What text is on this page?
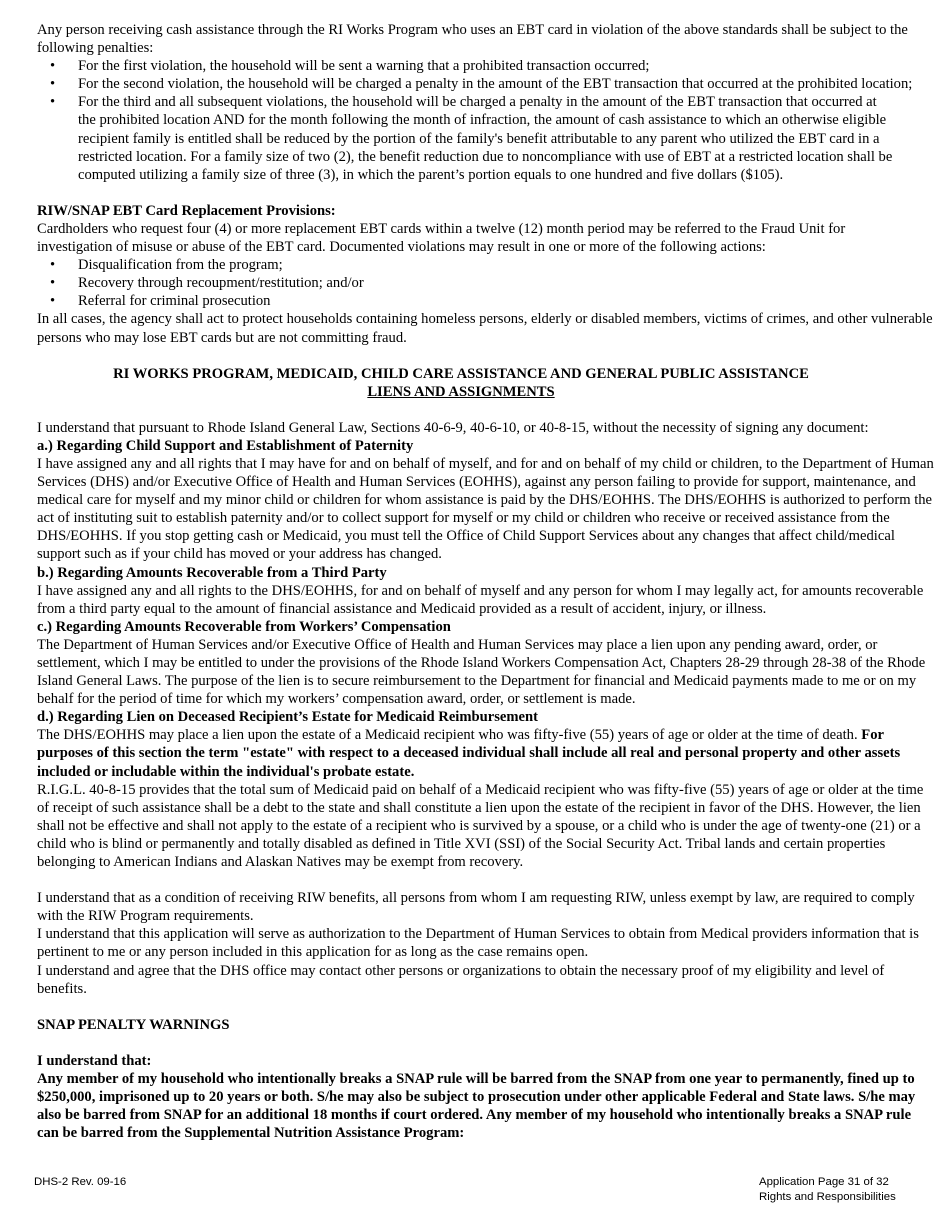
Any person receiving cash assistance through the RI Works Program who uses an EBT card in violation of the above standards shall be subject to the following penalties:

• For the first violation, the household will be sent a warning that a prohibited transaction occurred;
• For the second violation, the household will be charged a penalty in the amount of the EBT transaction that occurred at the prohibited location;
• For the third and all subsequent violations, the household will be charged a penalty in the amount of the EBT transaction that occurred at the prohibited location AND for the month following the month of infraction, the amount of cash assistance to which an otherwise eligible recipient family is entitled shall be reduced by the portion of the family's benefit attributable to any parent who utilized the EBT card in a restricted location. For a family size of two (2), the benefit reduction due to noncompliance with use of EBT at a restricted location shall be computed utilizing a family size of three (3), in which the parent’s portion equals to one hundred and five dollars ($105).

RIW/SNAP EBT Card Replacement Provisions:

Cardholders who request four (4) or more replacement EBT cards within a twelve (12) month period may be referred to the Fraud Unit for investigation of misuse or abuse of the EBT card. Documented violations may result in one or more of the following actions:

• Disqualification from the program;
• Recovery through recoupment/restitution; and/or
• Referral for criminal prosecution

In all cases, the agency shall act to protect households containing homeless persons, elderly or disabled members, victims of crimes, and other vulnerable persons who may lose EBT cards but are not committing fraud.

RI WORKS PROGRAM, MEDICAID, CHILD CARE ASSISTANCE AND GENERAL PUBLIC ASSISTANCE

LIENS AND ASSIGNMENTS

I understand that pursuant to Rhode Island General Law, Sections 40-6-9, 40-6-10, or 40-8-15, without the necessity of signing any document:

a.) Regarding Child Support and Establishment of Paternity

I have assigned any and all rights that I may have for and on behalf of myself, and for and on behalf of my child or children, to the Department of Human Services (DHS) and/or Executive Office of Health and Human Services (EOHHS), against any person failing to provide for support, maintenance, and medical care for myself and my minor child or children for whom assistance is paid by the DHS/EOHHS. The DHS/EOHHS is authorized to perform the act of instituting suit to establish paternity and/or to collect support for myself or my child or children who receive or received assistance from the DHS/EOHHS. If you stop getting cash or Medicaid, you must tell the Office of Child Support Services about any changes that affect child/medical support such as if your child has moved or your address has changed.

b.) Regarding Amounts Recoverable from a Third Party

I have assigned any and all rights to the DHS/EOHHS, for and on behalf of myself and any person for whom I may legally act, for amounts recoverable from a third party equal to the amount of financial assistance and Medicaid provided as a result of accident, injury, or illness.

c.) Regarding Amounts Recoverable from Workers’ Compensation

The Department of Human Services and/or Executive Office of Health and Human Services may place a lien upon any pending award, order, or settlement, which I may be entitled to under the provisions of the Rhode Island Workers Compensation Act, Chapters 28-29 through 28-38 of the Rhode Island General Laws. The purpose of the lien is to secure reimbursement to the Department for financial and Medicaid payments made to me or on my behalf for the period of time for which my workers’ compensation award, order, or settlement is made.

d.) Regarding Lien on Deceased Recipient’s Estate for Medicaid Reimbursement

The DHS/EOHHS may place a lien upon the estate of a Medicaid recipient who was fifty-five (55) years of age or older at the time of death. For purposes of this section the term "estate" with respect to a deceased individual shall include all real and personal property and other assets included or includable within the individual's probate estate.

R.I.G.L. 40-8-15 provides that the total sum of Medicaid paid on behalf of a Medicaid recipient who was fifty-five (55) years of age or older at the time of receipt of such assistance shall be a debt to the state and shall constitute a lien upon the estate of the recipient in favor of the DHS. However, the lien shall not be effective and shall not apply to the estate of a recipient who is survived by a spouse, or a child who is under the age of twenty-one (21) or a child who is blind or permanently and totally disabled as defined in Title XVI (SSI) of the Social Security Act. Tribal lands and certain properties belonging to American Indians and Alaskan Natives may be exempt from recovery.

I understand that as a condition of receiving RIW benefits, all persons from whom I am requesting RIW, unless exempt by law, are required to comply with the RIW Program requirements.

I understand that this application will serve as authorization to the Department of Human Services to obtain from Medical providers information that is pertinent to me or any person included in this application for as long as the case remains open.

I understand and agree that the DHS office may contact other persons or organizations to obtain the necessary proof of my eligibility and level of benefits.

SNAP PENALTY WARNINGS

I understand that:

Any member of my household who intentionally breaks a SNAP rule will be barred from the SNAP from one year to permanently, fined up to $250,000, imprisoned up to 20 years or both. S/he may also be subject to prosecution under other applicable Federal and State laws. S/he may also be barred from SNAP for an additional 18 months if court ordered. Any member of my household who intentionally breaks a SNAP rule can be barred from the Supplemental Nutrition Assistance Program:

DHS-2 Rev. 09-16	Application Page 31 of 32
Rights and Responsibilities
